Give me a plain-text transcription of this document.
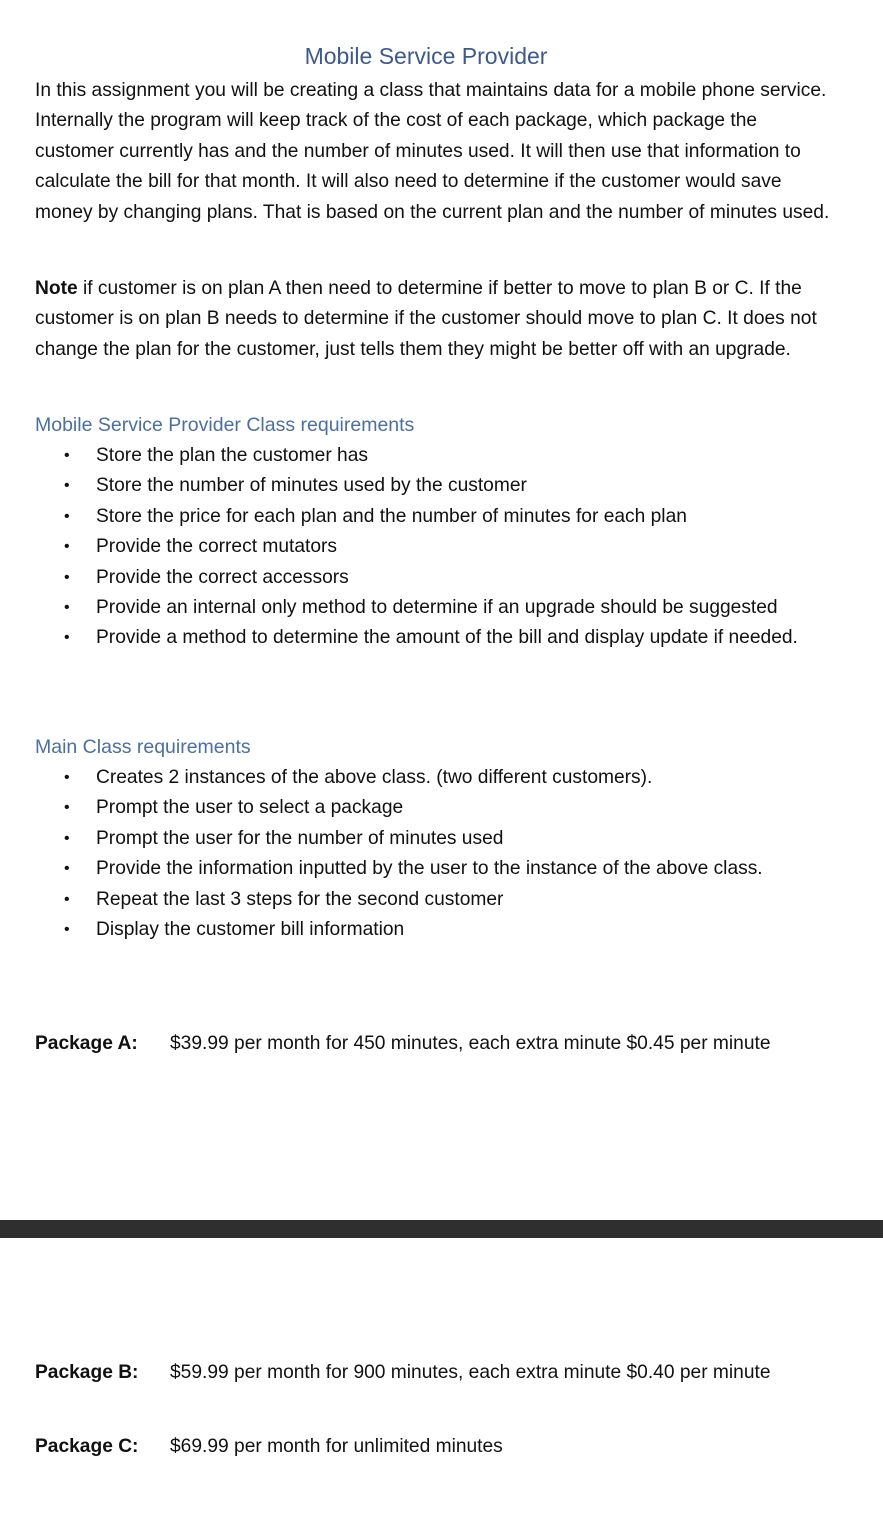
Mobile Service Provider

In this assignment you will be creating a class that maintains data for a mobile phone service. Internally the program will keep track of the cost of each package, which package the customer currently has and the number of minutes used. It will then use that information to calculate the bill for that month. It will also need to determine if the customer would save money by changing plans. That is based on the current plan and the number of minutes used.

Note if customer is on plan A then need to determine if better to move to plan B or C. If the customer is on plan B needs to determine if the customer should move to plan C. It does not change the plan for the customer, just tells them they might be better off with an upgrade.

Mobile Service Provider Class requirements
• Store the plan the customer has
• Store the number of minutes used by the customer
• Store the price for each plan and the number of minutes for each plan
• Provide the correct mutators
• Provide the correct accessors
• Provide an internal only method to determine if an upgrade should be suggested
• Provide a method to determine the amount of the bill and display update if needed.
Main Class requirements
• Creates 2 instances of the above class. (two different customers).
• Prompt the user to select a package
• Prompt the user for the number of minutes used
• Provide the information inputted by the user to the instance of the above class.
• Repeat the last 3 steps for the second customer
• Display the customer bill information
Package A: $39.99 per month for 450 minutes, each extra minute $0.45 per minute
Package B: $59.99 per month for 900 minutes, each extra minute $0.40 per minute
Package C: $69.99 per month for unlimited minutes
